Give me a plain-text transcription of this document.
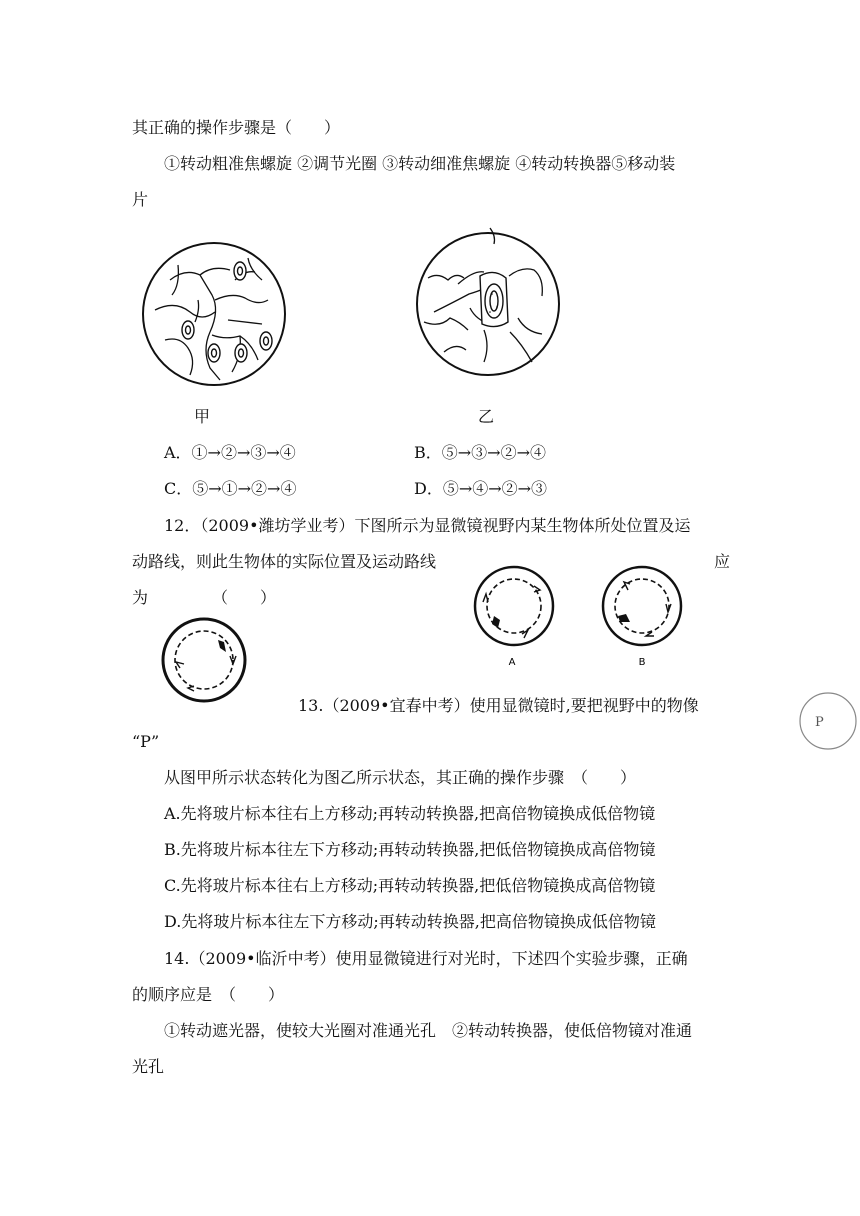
其正确的操作步骤是（　　）
①转动粗准焦螺旋 ②调节光圈 ③转动细准焦螺旋 ④转动转换器⑤移动装
片
甲	乙
A．①→②→③→④	B．⑤→③→②→④
C．⑤→①→②→④	D．⑤→④→②→③
12．（2009•潍坊学业考）下图所示为显微镜视野内某生物体所处位置及运
动路线，则此生物体的实际位置及运动路线	应
为	（　　）
A	B
13.（2009•宜春中考）使用显微镜时,要把视野中的物像
“P”
从图甲所示状态转化为图乙所示状态，其正确的操作步骤　（　　）
A.先将玻片标本往右上方移动;再转动转换器,把高倍物镜换成低倍物镜
B.先将玻片标本往左下方移动;再转动转换器,把低倍物镜换成高倍物镜
C.先将玻片标本往右上方移动;再转动转换器,把低倍物镜换成高倍物镜
D.先将玻片标本往左下方移动;再转动转换器,把高倍物镜换成低倍物镜
P
14.（2009•临沂中考）使用显微镜进行对光时，下述四个实验步骤，正确
的顺序应是　（　　）
①转动遮光器，使较大光圈对准通光孔　②转动转换器，使低倍物镜对准通
光孔
